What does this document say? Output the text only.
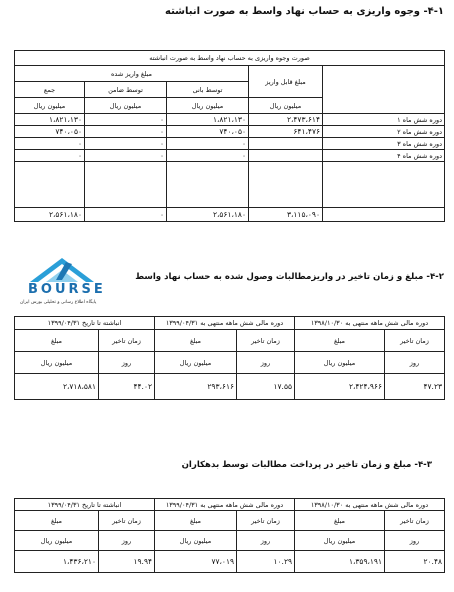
۴-۱- وجوه واریزی به حساب نهاد واسط به صورت انباشته
صورت وجوه واریزی به حساب نهاد واسط به صورت انباشته				
مبلغ واریز شده			مبلغ قابل واریز	
جمع	توسط ضامن	توسط بانی		
میلیون ریال	میلیون ریال	میلیون ریال	میلیون ریال	
۱،۸۲۱،۱۳۰	۰	۱،۸۲۱،۱۳۰	۲،۴۷۳،۶۱۴	دوره شش ماه ۱
۷۴۰،۰۵۰	۰	۷۴۰،۰۵۰	۶۴۱،۴۷۶	دوره شش ماه ۲
۰	۰	۰		دوره شش ماه ۳
۰	۰	۰		دوره شش ماه ۴

۲،۵۶۱،۱۸۰	۰	۲،۵۶۱،۱۸۰	۳،۱۱۵،۰۹۰	
BOURSE
پایگاه اطلاع رسانی و تحلیلی بورس ایران
۴-۲- مبلغ و زمان تاخیر در واریزمطالبات وصول شده به حساب نهاد واسط
انباشته تا تاریخ ۱۳۹۹/۰۴/۳۱		دوره مالی شش ماهه منتهی به ۱۳۹۹/۰۴/۳۱		دوره مالی شش ماهه منتهی به ۱۳۹۸/۱۰/۳۰	
مبلغ	زمان تاخیر	مبلغ	زمان تاخیر	مبلغ	زمان تاخیر
میلیون ریال	روز	میلیون ریال	روز	میلیون ریال	روز
۲،۷۱۸،۵۸۱	۴۴.۰۲	۲۹۳،۶۱۶	۱۷.۵۵	۲،۴۲۴،۹۶۶	۴۷.۲۳
۴-۳- مبلغ و زمان تاخیر در پرداخت مطالبات توسط بدهکاران
انباشته تا تاریخ ۱۳۹۹/۰۴/۳۱		دوره مالی شش ماهه منتهی به ۱۳۹۹/۰۴/۳۱		دوره مالی شش ماهه منتهی به ۱۳۹۸/۱۰/۳۰	
مبلغ	زمان تاخیر	مبلغ	زمان تاخیر	مبلغ	زمان تاخیر
میلیون ریال	روز	میلیون ریال	روز	میلیون ریال	روز
۱،۴۳۶،۲۱۰	۱۹.۹۴	۷۷،۰۱۹	۱۰.۲۹	۱،۳۵۹،۱۹۱	۲۰.۴۸
